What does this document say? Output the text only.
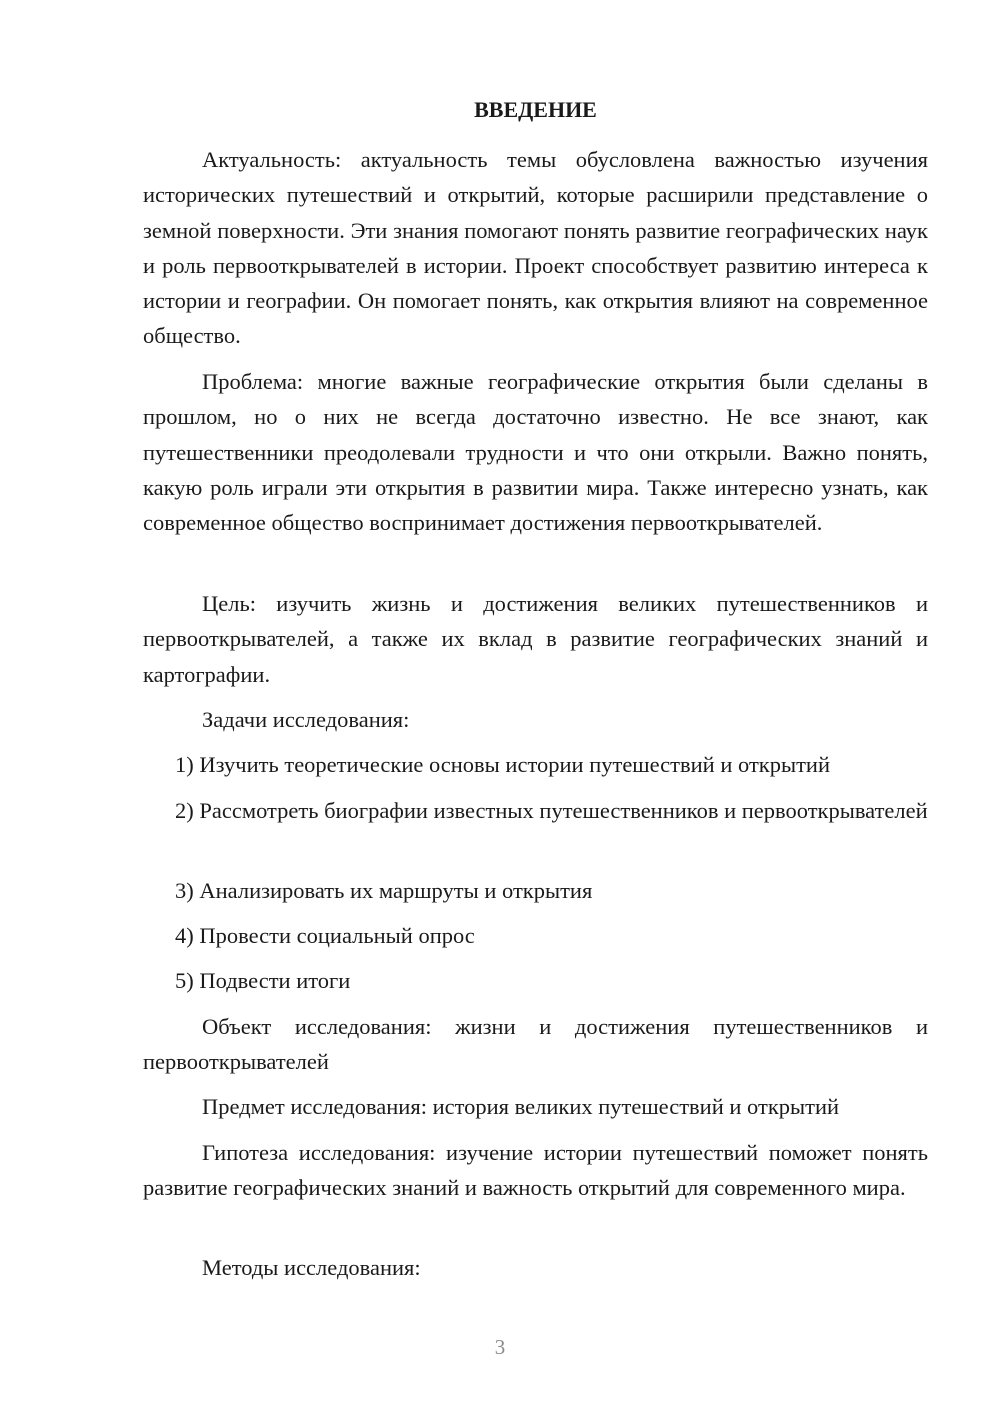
ВВЕДЕНИЕ

Актуальность: актуальность темы обусловлена важностью изучения исторических путешествий и открытий, которые расширили представление о земной поверхности. Эти знания помогают понять развитие географических наук и роль первооткрывателей в истории. Проект способствует развитию интереса к истории и географии. Он помогает понять, как открытия влияют на современное общество.

Проблема: многие важные географические открытия были сделаны в прошлом, но о них не всегда достаточно известно. Не все знают, как путешественники преодолевали трудности и что они открыли. Важно понять, какую роль играли эти открытия в развитии мира. Также интересно узнать, как современное общество воспринимает достижения первооткрывателей.

Цель: изучить жизнь и достижения великих путешественников и первооткрывателей, а также их вклад в развитие географических знаний и картографии.

Задачи исследования:

1) Изучить теоретические основы истории путешествий и открытий

2) Рассмотреть биографии известных путешественников и первооткрывателей

3) Анализировать их маршруты и открытия

4) Провести социальный опрос

5) Подвести итоги

Объект исследования: жизни и достижения путешественников и первооткрывателей

Предмет исследования: история великих путешествий и открытий

Гипотеза исследования: изучение истории путешествий поможет понять развитие географических знаний и важность открытий для современного мира.

Методы исследования:

3
